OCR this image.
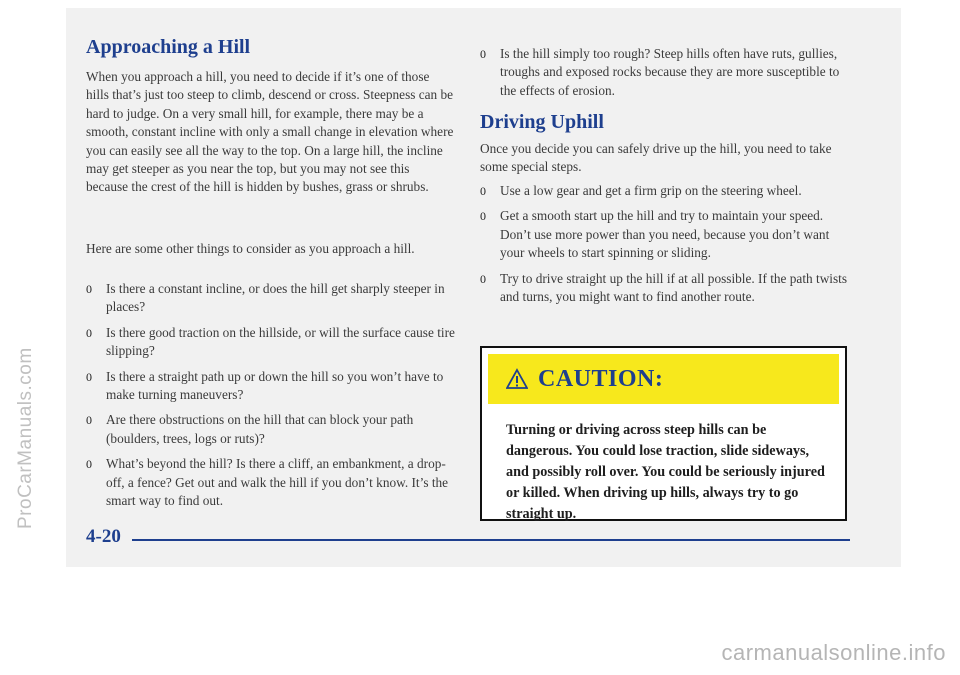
Approaching a Hill

When you approach a hill, you need to decide if it’s one of those hills that’s just too steep to climb, descend or cross. Steepness can be hard to judge. On a very small hill, for example, there may be a smooth, constant incline with only a small change in elevation where you can easily see all the way to the top. On a large hill, the incline may get steeper as you near the top, but you may not see this because the crest of the hill is hidden by bushes, grass or shrubs.

Here are some other things to consider as you approach a hill.

0 Is there a constant incline, or does the hill get sharply steeper in places?
0 Is there good traction on the hillside, or will the surface cause tire slipping?
0 Is there a straight path up or down the hill so you won’t have to make turning maneuvers?
0 Are there obstructions on the hill that can block your path (boulders, trees, logs or ruts)?
0 What’s beyond the hill? Is there a cliff, an embankment, a drop-off, a fence? Get out and walk the hill if you don’t know. It’s the smart way to find out.
0 Is the hill simply too rough? Steep hills often have ruts, gullies, troughs and exposed rocks because they are more susceptible to the effects of erosion.
Driving Uphill

Once you decide you can safely drive up the hill, you need to take some special steps.

0 Use a low gear and get a firm grip on the steering wheel.
0 Get a smooth start up the hill and try to maintain your speed. Don’t use more power than you need, because you don’t want your wheels to start spinning or sliding.
0 Try to drive straight up the hill if at all possible. If the path twists and turns, you might want to find another route.
CAUTION:
Turning or driving across steep hills can be dangerous. You could lose traction, slide sideways, and possibly roll over. You could be seriously injured or killed. When driving up hills, always try to go straight up.
4-20
ProCarManuals.com
carmanualsonline.info
